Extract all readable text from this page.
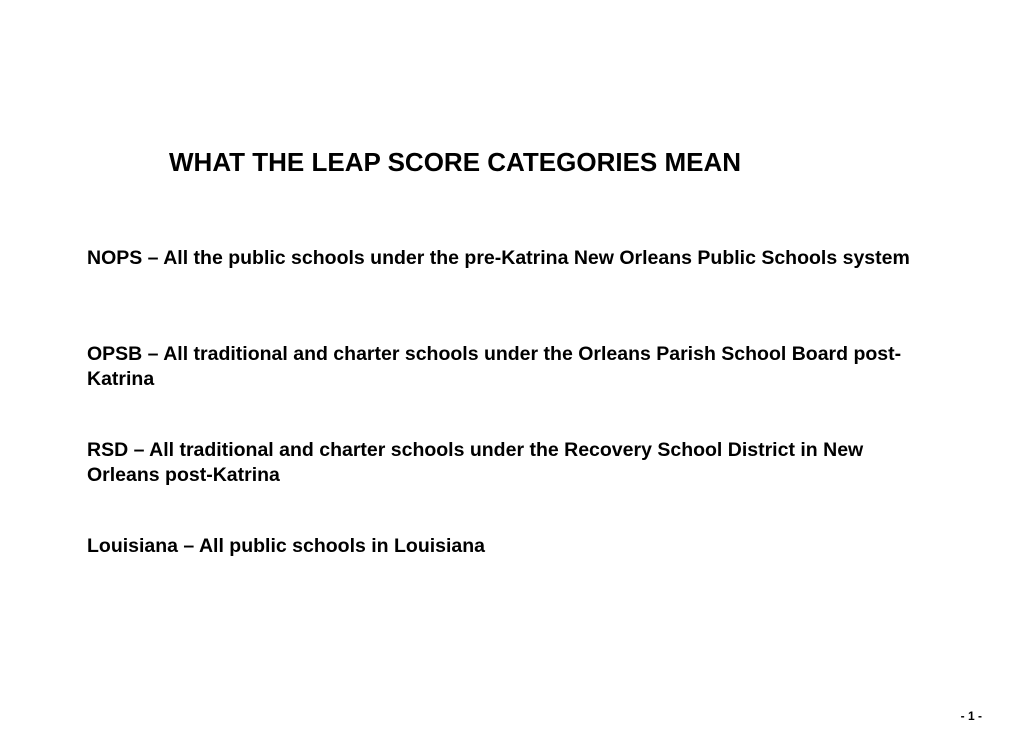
WHAT THE LEAP SCORE CATEGORIES MEAN

NOPS – All the public schools under the pre-Katrina New Orleans Public Schools system

OPSB – All traditional and charter schools under the Orleans Parish School Board post-Katrina

RSD – All traditional and charter schools under the Recovery School District in New Orleans post-Katrina

Louisiana – All public schools in Louisiana

- 1 -
